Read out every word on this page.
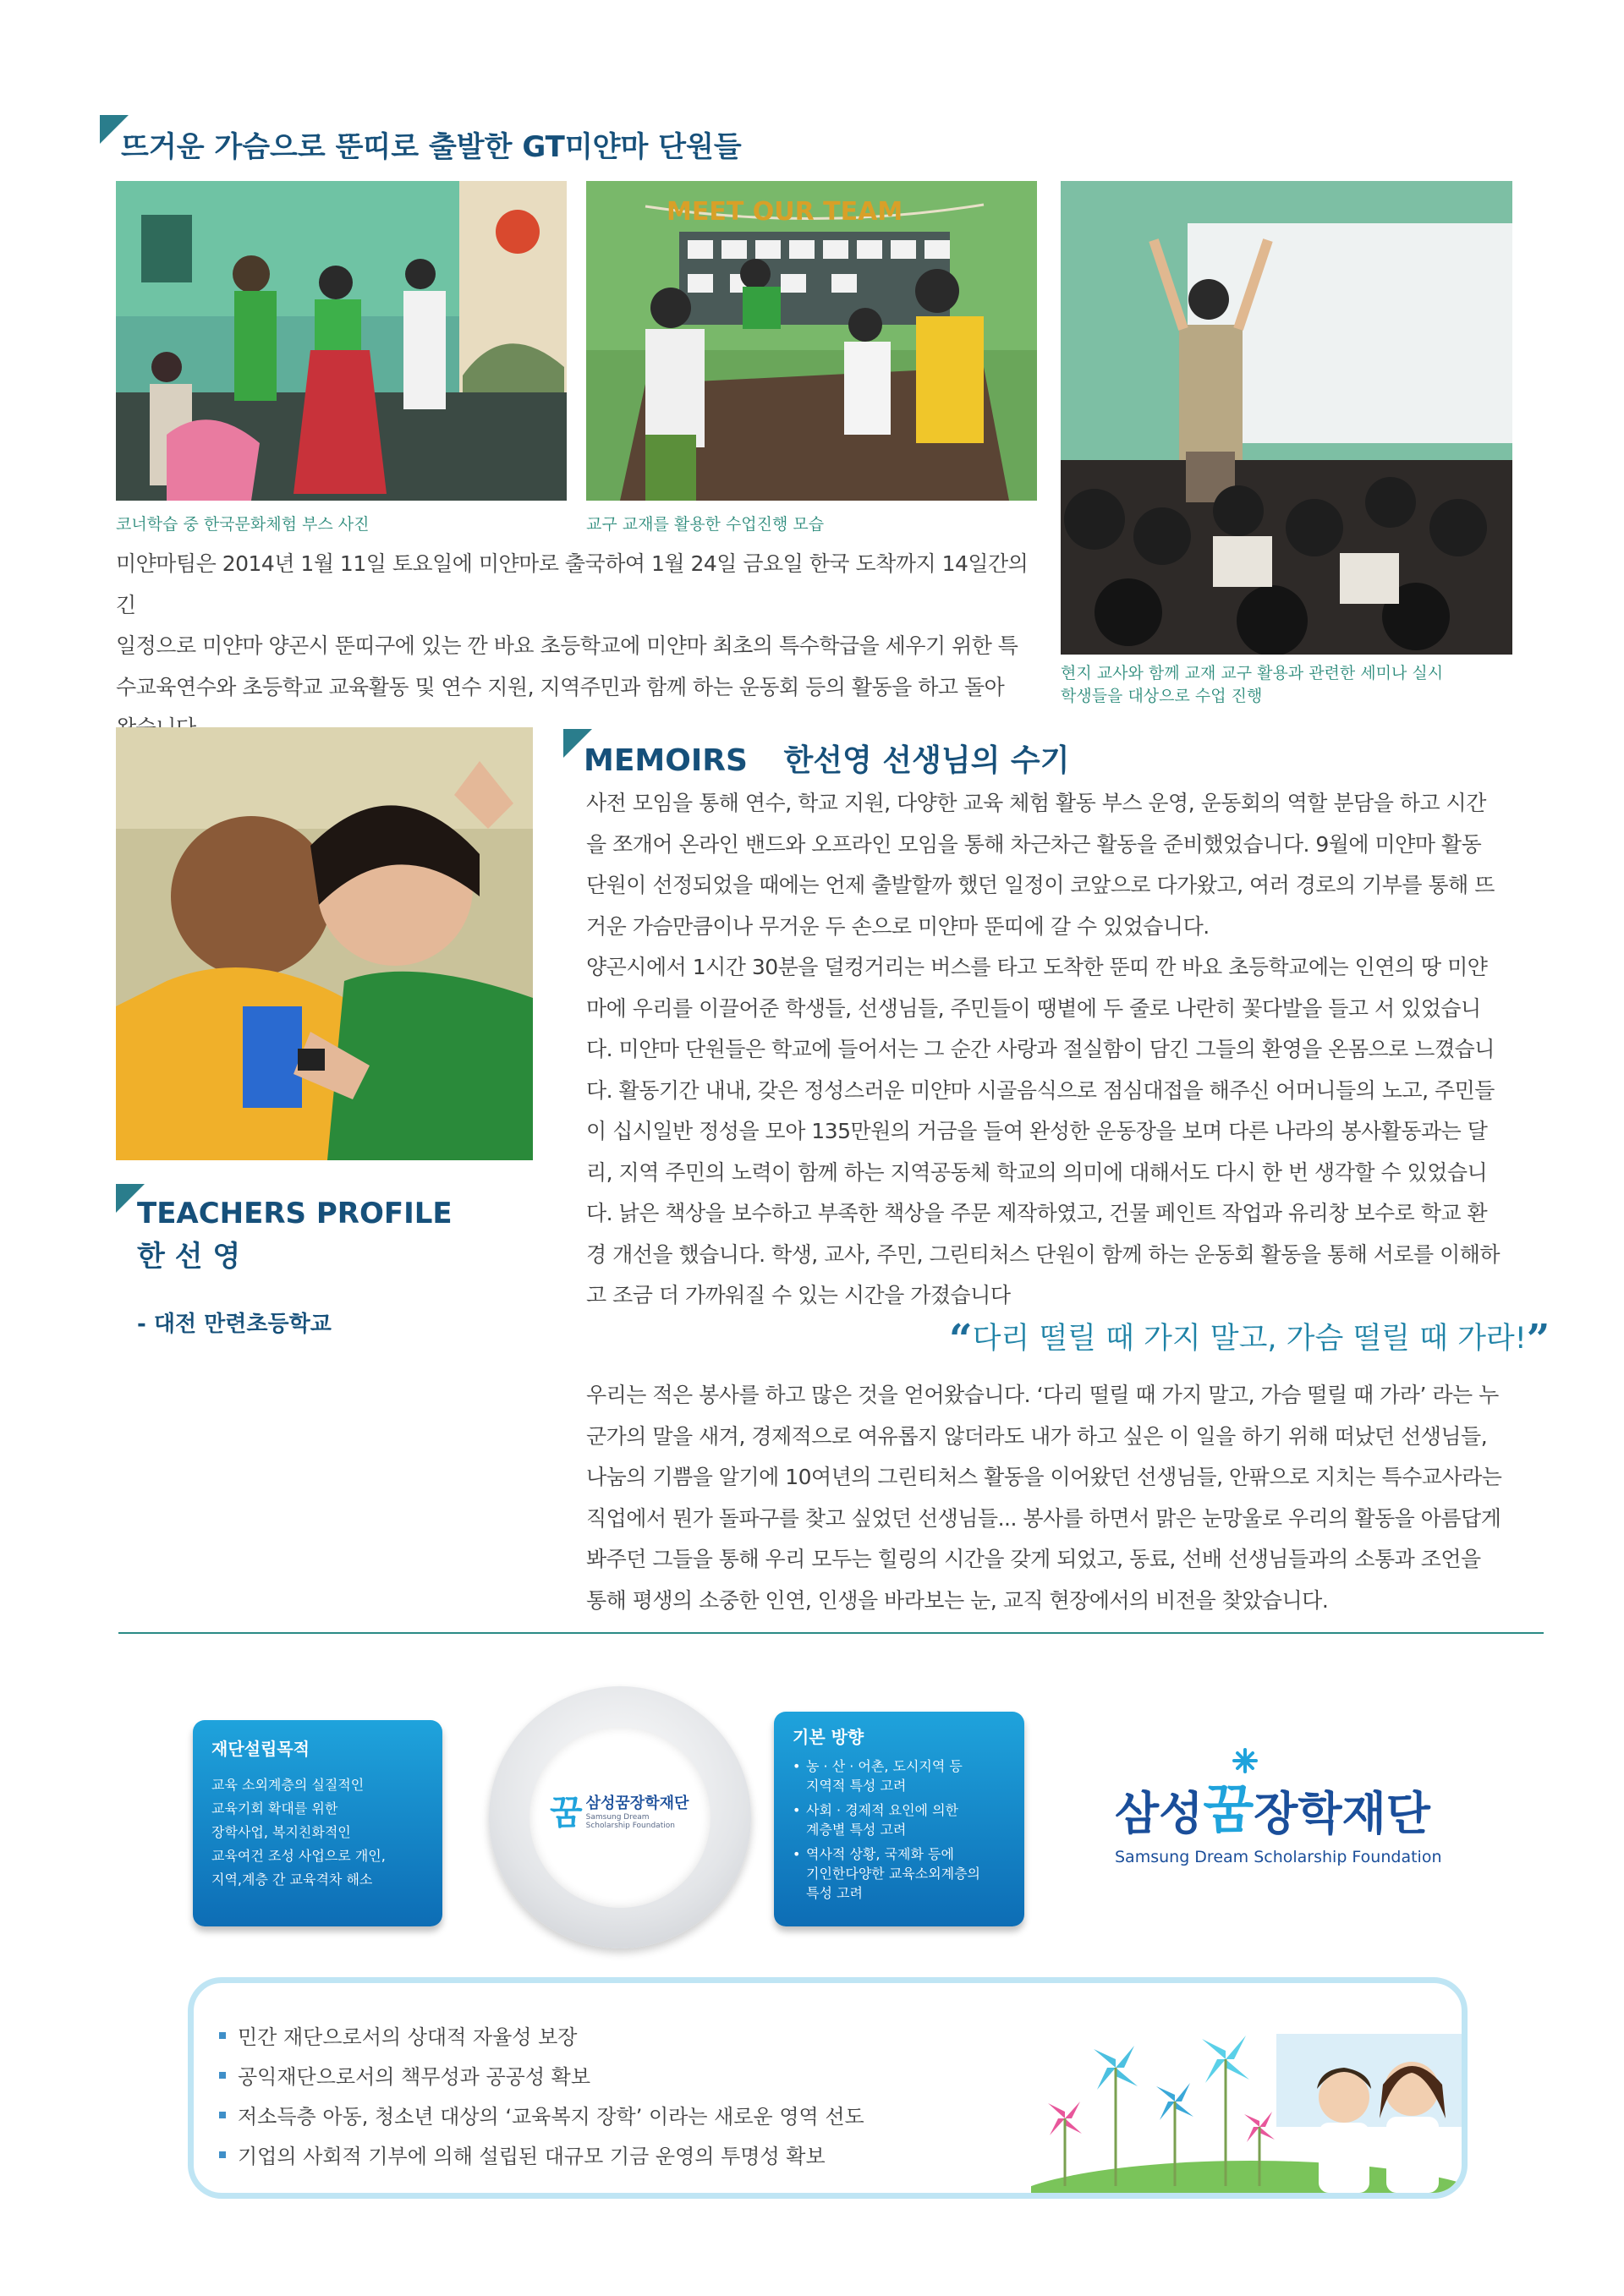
뜨거운 가슴으로 뚠띠로 출발한 GT미얀마 단원들
코너학습 중 한국문화체험 부스 사진
MEET OUR TEAM
교구 교재를 활용한 수업진행 모습

미얀마팀은 2014년 1월 11일 토요일에 미얀마로 출국하여 1월 24일 금요일 한국 도착까지 14일간의 긴

일정으로 미얀마 양곤시 뚠띠구에 있는 깐 바요 초등학교에 미얀마 최초의 특수학급을 세우기 위한 특

수교육연수와 초등학교 교육활동 및 연수 지원, 지역주민과 함께 하는 운동회 등의 활동을 하고 돌아

현지 교사와 함께 교재 교구 활용과 관련한 세미나 실시
학생들을 대상으로 수업 진행
TEACHERS PROFILE
한 선 영
- 대전 만련초등학교
MEMOIRS 한선영 선생님의 수기

사전 모임을 통해 연수, 학교 지원, 다양한 교육 체험 활동 부스 운영, 운동회의 역할 분담을 하고 시간

을 쪼개어 온라인 밴드와 오프라인 모임을 통해 차근차근 활동을 준비했었습니다. 9월에 미얀마 활동

단원이 선정되었을 때에는 언제 출발할까 했던 일정이 코앞으로 다가왔고, 여러 경로의 기부를 통해 뜨

거운 가슴만큼이나 무거운 두 손으로 미얀마 뚠띠에 갈 수 있었습니다.

양곤시에서 1시간 30분을 덜컹거리는 버스를 타고 도착한 뚠띠 깐 바요 초등학교에는 인연의 땅 미얀

마에 우리를 이끌어준 학생들, 선생님들, 주민들이 땡볕에 두 줄로 나란히 꽃다발을 들고 서 있었습니

다. 미얀마 단원들은 학교에 들어서는 그 순간 사랑과 절실함이 담긴 그들의 환영을 온몸으로 느꼈습니

다. 활동기간 내내, 갖은 정성스러운 미얀마 시골음식으로 점심대접을 해주신 어머니들의 노고, 주민들

이 십시일반 정성을 모아 135만원의 거금을 들여 완성한 운동장을 보며 다른 나라의 봉사활동과는 달

리, 지역 주민의 노력이 함께 하는 지역공동체 학교의 의미에 대해서도 다시 한 번 생각할 수 있었습니

다. 낡은 책상을 보수하고 부족한 책상을 주문 제작하였고, 건물 페인트 작업과 유리창 보수로 학교 환

경 개선을 했습니다. 학생, 교사, 주민, 그린티처스 단원이 함께 하는 운동회 활동을 통해 서로를 이해하

고 조금 더 가까워질 수 있는 시간을 가졌습니다

“다리 떨릴 때 가지 말고, 가슴 떨릴 때 가라!”

우리는 적은 봉사를 하고 많은 것을 얻어왔습니다. ‘다리 떨릴 때 가지 말고, 가슴 떨릴 때 가라’ 라는 누

군가의 말을 새겨, 경제적으로 여유롭지 않더라도 내가 하고 싶은 이 일을 하기 위해 떠났던 선생님들,

나눔의 기쁨을 알기에 10여년의 그린티처스 활동을 이어왔던 선생님들, 안팎으로 지치는 특수교사라는

직업에서 뭔가 돌파구를 찾고 싶었던 선생님들... 봉사를 하면서 맑은 눈망울로 우리의 활동을 아름답게

봐주던 그들을 통해 우리 모두는 힐링의 시간을 갖게 되었고, 동료, 선배 선생님들과의 소통과 조언을

통해 평생의 소중한 인연, 인생을 바라보는 눈, 교직 현장에서의 비전을 찾았습니다.

재단설립목적
교육 소외계층의 실질적인
교육기회 확대를 위한
장학사업, 복지친화적인
교육여건 조성 사업으로 개인,
지역,계층 간 교육격차 해소
꿈 삼성꿈장학재단
Samsung Dream
Scholarship Foundation
기본 방향
• 농 · 산 · 어촌, 도시지역 등
지역적 특성 고려
• 사회 · 경제적 요인에 의한
계층별 특성 고려
• 역사적 상황, 국제화 등에
기인한다양한 교육소외계층의
특성 고려
삼성 꿈 장학재단
Samsung Dream Scholarship Foundation
민간 재단으로서의 상대적 자율성 보장
공익재단으로서의 책무성과 공공성 확보
저소득층 아동, 청소년 대상의 ‘교육복지 장학’ 이라는 새로운 영역 선도
기업의 사회적 기부에 의해 설립된 대규모 기금 운영의 투명성 확보
